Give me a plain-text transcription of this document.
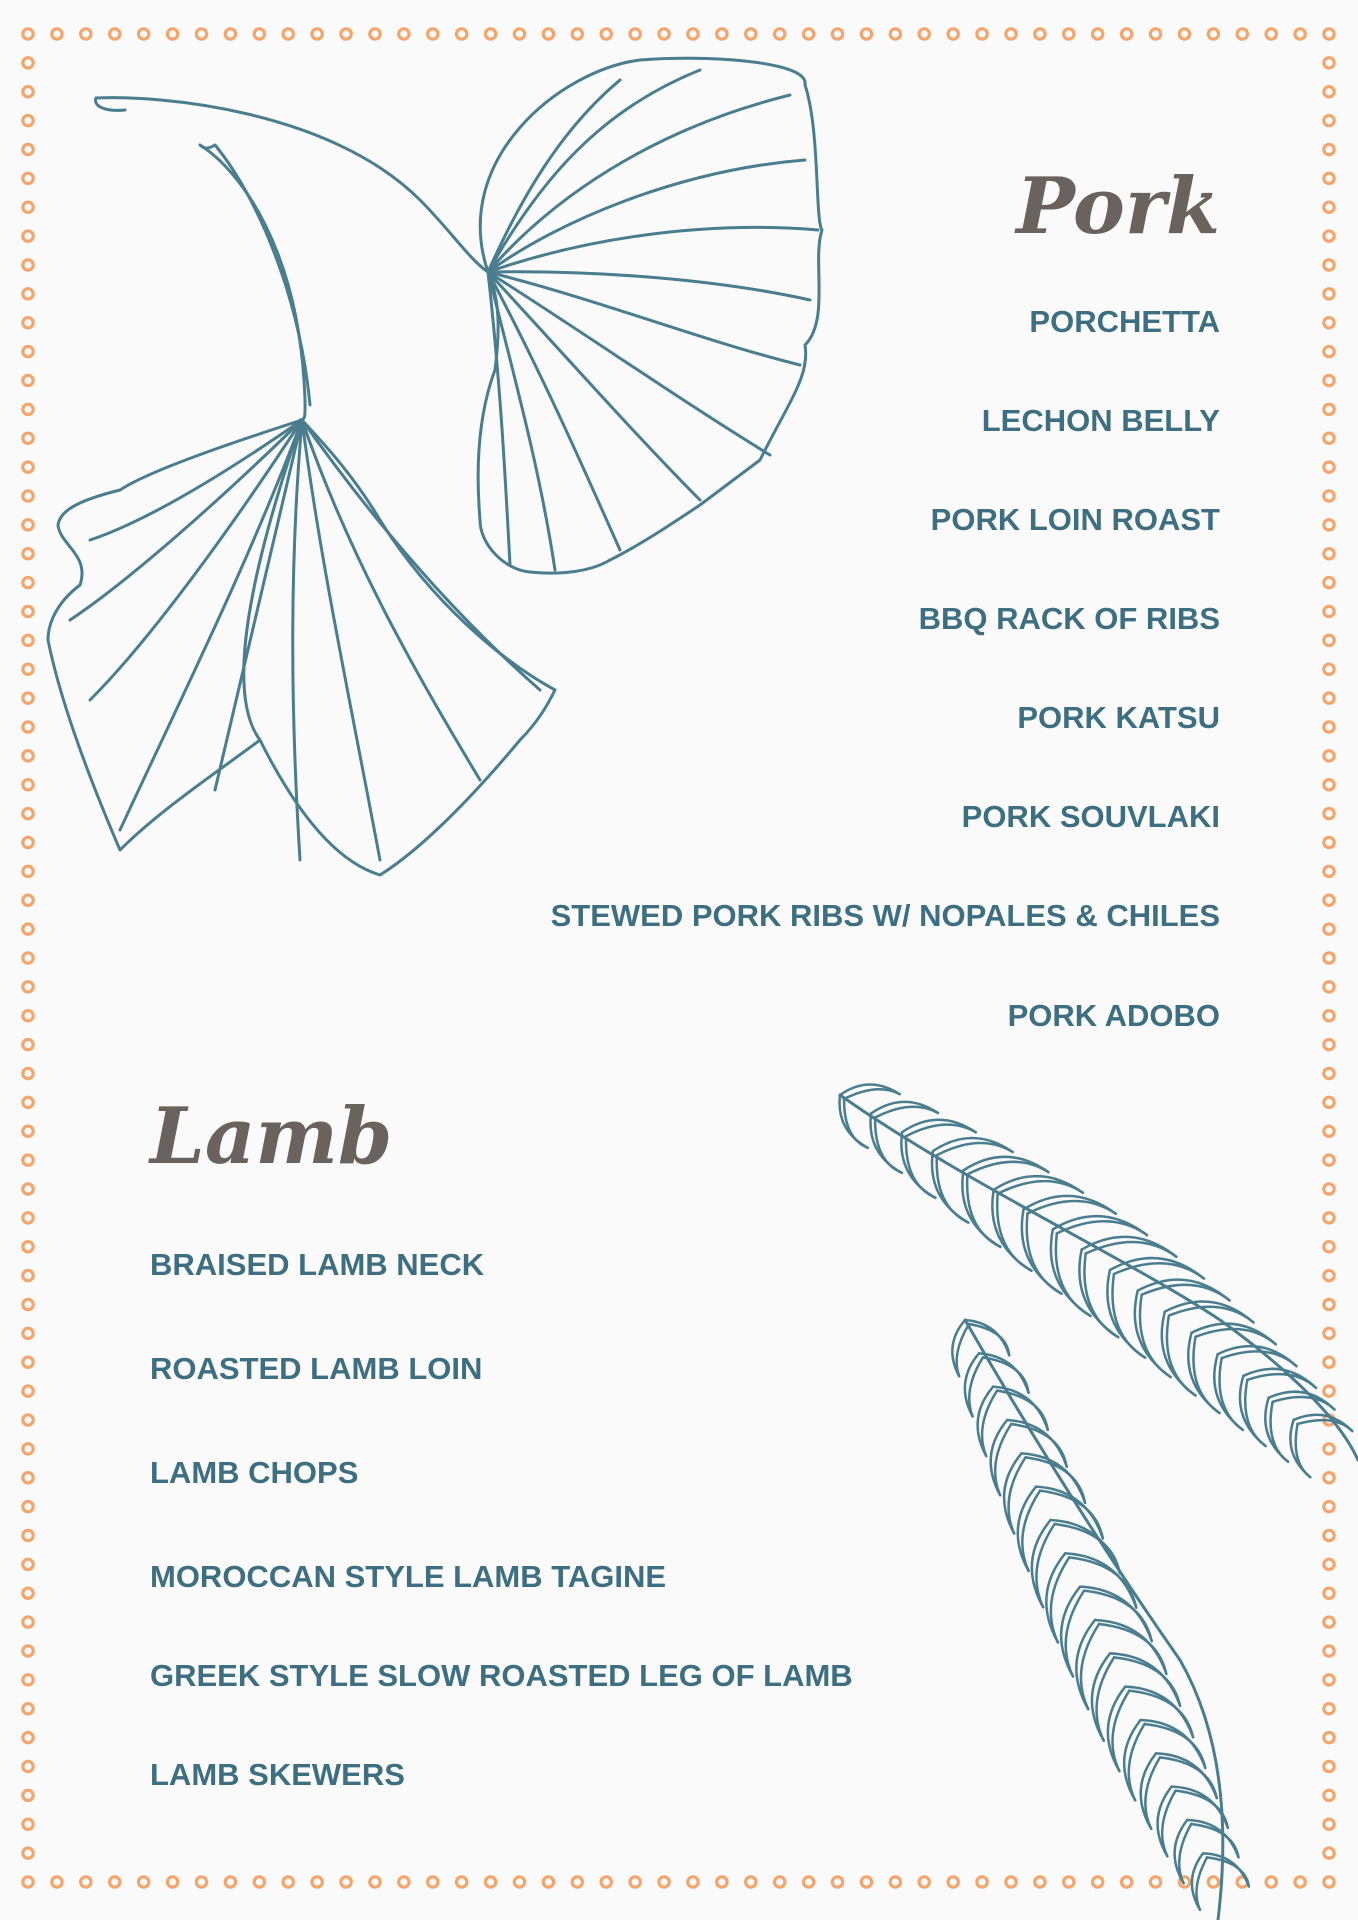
Pork
PORCHETTA
LECHON BELLY
PORK LOIN ROAST
BBQ RACK OF RIBS
PORK KATSU
PORK SOUVLAKI
STEWED PORK RIBS W/ NOPALES & CHILES
PORK ADOBO
Lamb
BRAISED LAMB NECK
ROASTED LAMB LOIN
LAMB CHOPS
MOROCCAN STYLE LAMB TAGINE
GREEK STYLE SLOW ROASTED LEG OF LAMB
LAMB SKEWERS
